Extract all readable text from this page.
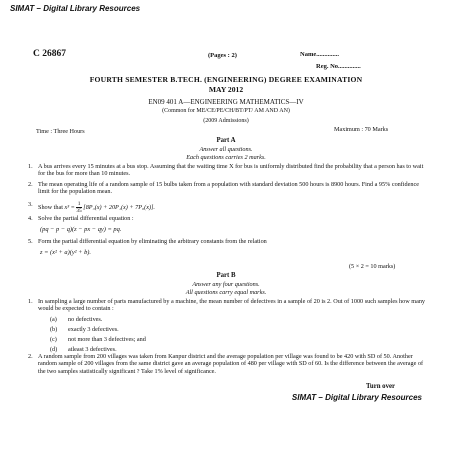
SIMAT – Digital Library Resources
C 26867	(Pages : 2)	Name..............
Reg. No..............
FOURTH SEMESTER B.TECH. (ENGINEERING) DEGREE EXAMINATION
MAY 2012
EN09 401 A—ENGINEERING MATHEMATICS—IV
(Common for ME/CE/PE/CH/BT/PT/ AM AND AN)
(2009 Admissions)
Time : Three Hours	Maximum : 70 Marks
Part A
Answer all questions.
Each questions carries 2 marks.
1. A bus arrives every 15 minutes at a bus stop. Assuming that the waiting time X for bus is uniformly distributed find the probability that a person has to wait for the bus for more than 10 minutes.
2. The mean operating life of a random sample of 15 bulbs taken from a population with standard deviation 500 hours is 8900 hours. Find a 95% confidence limit for the population mean.
3. Show that $x^3 = \frac{1}{35} [8P_3(x) + 20P_1(x) + 7P_0(x)]$.
4. Solve the partial differential equation :
(pq − p − q)(z − px − qy) = pq.
5. Form the partial differential equation by eliminating the arbitrary constants from the relation
z = (x² + a)(y² + b).
(5 × 2 = 10 marks)
Part B
Answer any four questions.
All questions carry equal marks.
1. In sampling a large number of parts manufactured by a machine, the mean number of defectives in a sample of 20 is 2. Out of 1000 such samples how many would be expected to contain :
(a) no defectives.
(b) exactly 3 defectives.
(c) not more than 3 defectives; and
(d) atleast 3 defectives.
2. A random sample from 200 villages was taken from Kanpur district and the average population per village was found to be 420 with SD of 50. Another random sample of 200 villages from the same district gave an average population of 480 per village with SD of 60. Is the difference between the average of the two samples statistically significant ? Take 1% level of significance.
Turn over
SIMAT – Digital Library Resources
